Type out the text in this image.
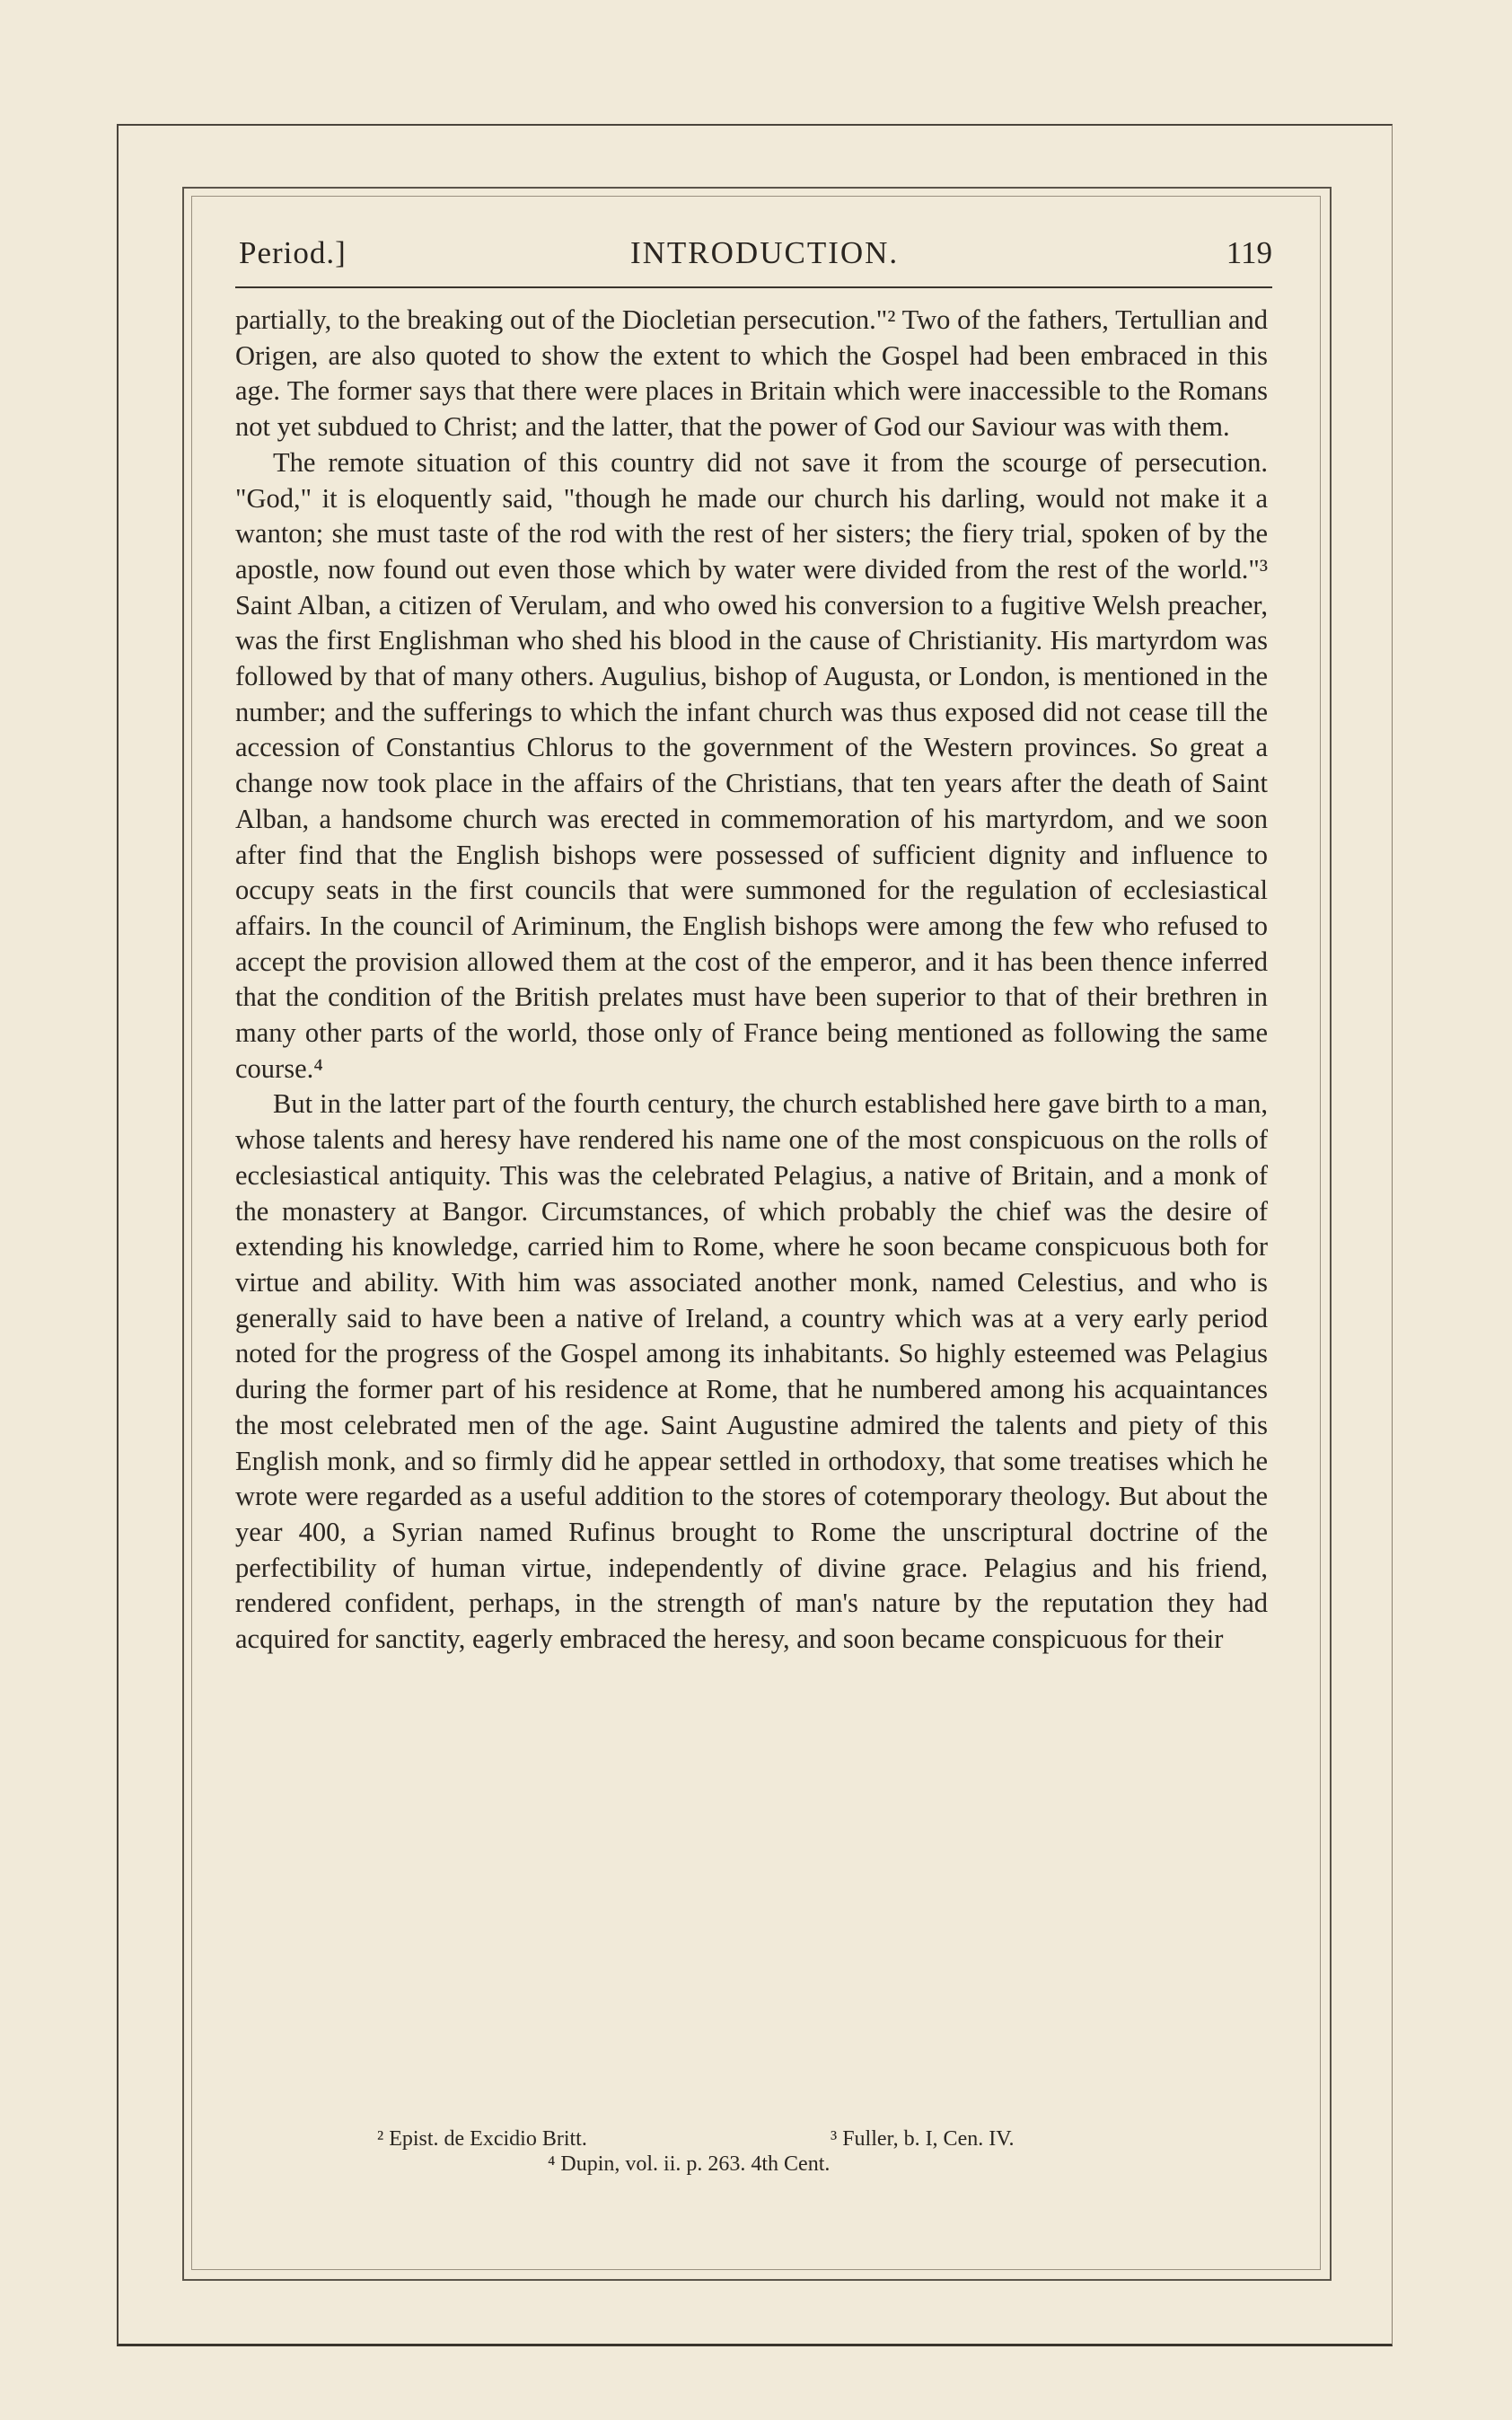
Period.]	INTRODUCTION.	119

partially, to the breaking out of the Diocletian persecution."² Two of the fathers, Tertullian and Origen, are also quoted to show the extent to which the Gospel had been embraced in this age. The former says that there were places in Britain which were inaccessible to the Romans not yet subdued to Christ; and the latter, that the power of God our Saviour was with them.

The remote situation of this country did not save it from the scourge of persecution. "God," it is eloquently said, "though he made our church his darling, would not make it a wanton; she must taste of the rod with the rest of her sisters; the fiery trial, spoken of by the apostle, now found out even those which by water were divided from the rest of the world."³ Saint Alban, a citizen of Verulam, and who owed his conversion to a fugitive Welsh preacher, was the first Englishman who shed his blood in the cause of Christianity. His martyrdom was followed by that of many others. Augulius, bishop of Augusta, or London, is mentioned in the number; and the sufferings to which the infant church was thus exposed did not cease till the accession of Constantius Chlorus to the government of the Western provinces. So great a change now took place in the affairs of the Christians, that ten years after the death of Saint Alban, a handsome church was erected in commemoration of his martyrdom, and we soon after find that the English bishops were possessed of sufficient dignity and influence to occupy seats in the first councils that were summoned for the regulation of ecclesiastical affairs. In the council of Ariminum, the English bishops were among the few who refused to accept the provision allowed them at the cost of the emperor, and it has been thence inferred that the condition of the British prelates must have been superior to that of their brethren in many other parts of the world, those only of France being mentioned as following the same course.⁴

But in the latter part of the fourth century, the church established here gave birth to a man, whose talents and heresy have rendered his name one of the most conspicuous on the rolls of ecclesiastical antiquity. This was the celebrated Pelagius, a native of Britain, and a monk of the monastery at Bangor. Circumstances, of which probably the chief was the desire of extending his knowledge, carried him to Rome, where he soon became conspicuous both for virtue and ability. With him was associated another monk, named Celestius, and who is generally said to have been a native of Ireland, a country which was at a very early period noted for the progress of the Gospel among its inhabitants. So highly esteemed was Pelagius during the former part of his residence at Rome, that he numbered among his acquaintances the most celebrated men of the age. Saint Augustine admired the talents and piety of this English monk, and so firmly did he appear settled in orthodoxy, that some treatises which he wrote were regarded as a useful addition to the stores of cotemporary theology. But about the year 400, a Syrian named Rufinus brought to Rome the unscriptural doctrine of the perfectibility of human virtue, independently of divine grace. Pelagius and his friend, rendered confident, perhaps, in the strength of man's nature by the reputation they had acquired for sanctity, eagerly embraced the heresy, and soon became conspicuous for their

² Epist. de Excidio Britt.	³ Fuller, b. I, Cen. IV.
⁴ Dupin, vol. ii. p. 263. 4th Cent.
